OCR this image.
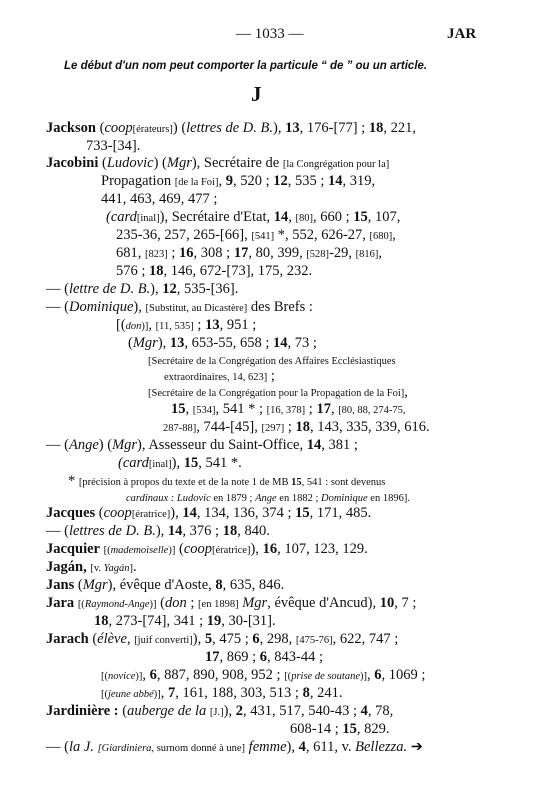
— 1033 —	JAR
Le début d'un nom peut comporter la particule “ de ” ou un article.
J
Jackson (coop[érateurs]) (lettres de D. B.), 13, 176-[77] ; 18, 221,
733-[34].
Jacobini (Ludovic) (Mgr), Secrétaire de [la Congrégation pour la]
Propagation [de la Foi], 9, 520 ; 12, 535 ; 14, 319,
441, 463, 469, 477 ;
(card[inal]), Secrétaire d'Etat, 14, [80], 660 ; 15, 107,
235-36, 257, 265-[66], [541] *, 552, 626-27, [680],
681, [823] ; 16, 308 ; 17, 80, 399, [528]-29, [816],
576 ; 18, 146, 672-[73], 175, 232.
— (lettre de D. B.), 12, 535-[36].
— (Dominique), [Substitut, au Dicastère] des Brefs :
[(don)], [11, 535] ; 13, 951 ;
(Mgr), 13, 653-55, 658 ; 14, 73 ;
[Secrétaire de la Congrégation des Affaires Ecclésiastiques
extraordinaires, 14, 623] ;
[Secrétaire de la Congrégation pour la Propagation de la Foi],
15, [534], 541 * ; [16, 378] ; 17, [80, 88, 274-75,
287-88], 744-[45], [297] ; 18, 143, 335, 339, 616.
— (Ange) (Mgr), Assesseur du Saint-Office, 14, 381 ;
(card[inal]), 15, 541 *.
* [précision à propos du texte et de la note 1 de MB 15, 541 : sont devenus
cardinaux : Ludovic en 1879 ; Ange en 1882 ; Dominique en 1896].
Jacques (coop[ératrice]), 14, 134, 136, 374 ; 15, 171, 485.
— (lettres de D. B.), 14, 376 ; 18, 840.
Jacquier [(mademoiselle)] (coop[ératrice]), 16, 107, 123, 129.
Jagán, [v. Yagán].
Jans (Mgr), évêque d'Aoste, 8, 635, 846.
Jara [(Raymond-Ange)] (don ; [en 1898] Mgr, évêque d'Ancud), 10, 7 ;
18, 273-[74], 341 ; 19, 30-[31].
Jarach (élève, [juif converti]), 5, 475 ; 6, 298, [475-76], 622, 747 ;
17, 869 ; 6, 843-44 ;
[(novice)], 6, 887, 890, 908, 952 ; [(prise de soutane)], 6, 1069 ;
[(jeune abbé)], 7, 161, 188, 303, 513 ; 8, 241.
Jardinière : (auberge de la [J.]), 2, 431, 517, 540-43 ; 4, 78,
608-14 ; 15, 829.
— (la J. [Giardiniera, surnom donné à une] femme), 4, 611, v. Bellezza. ➔
